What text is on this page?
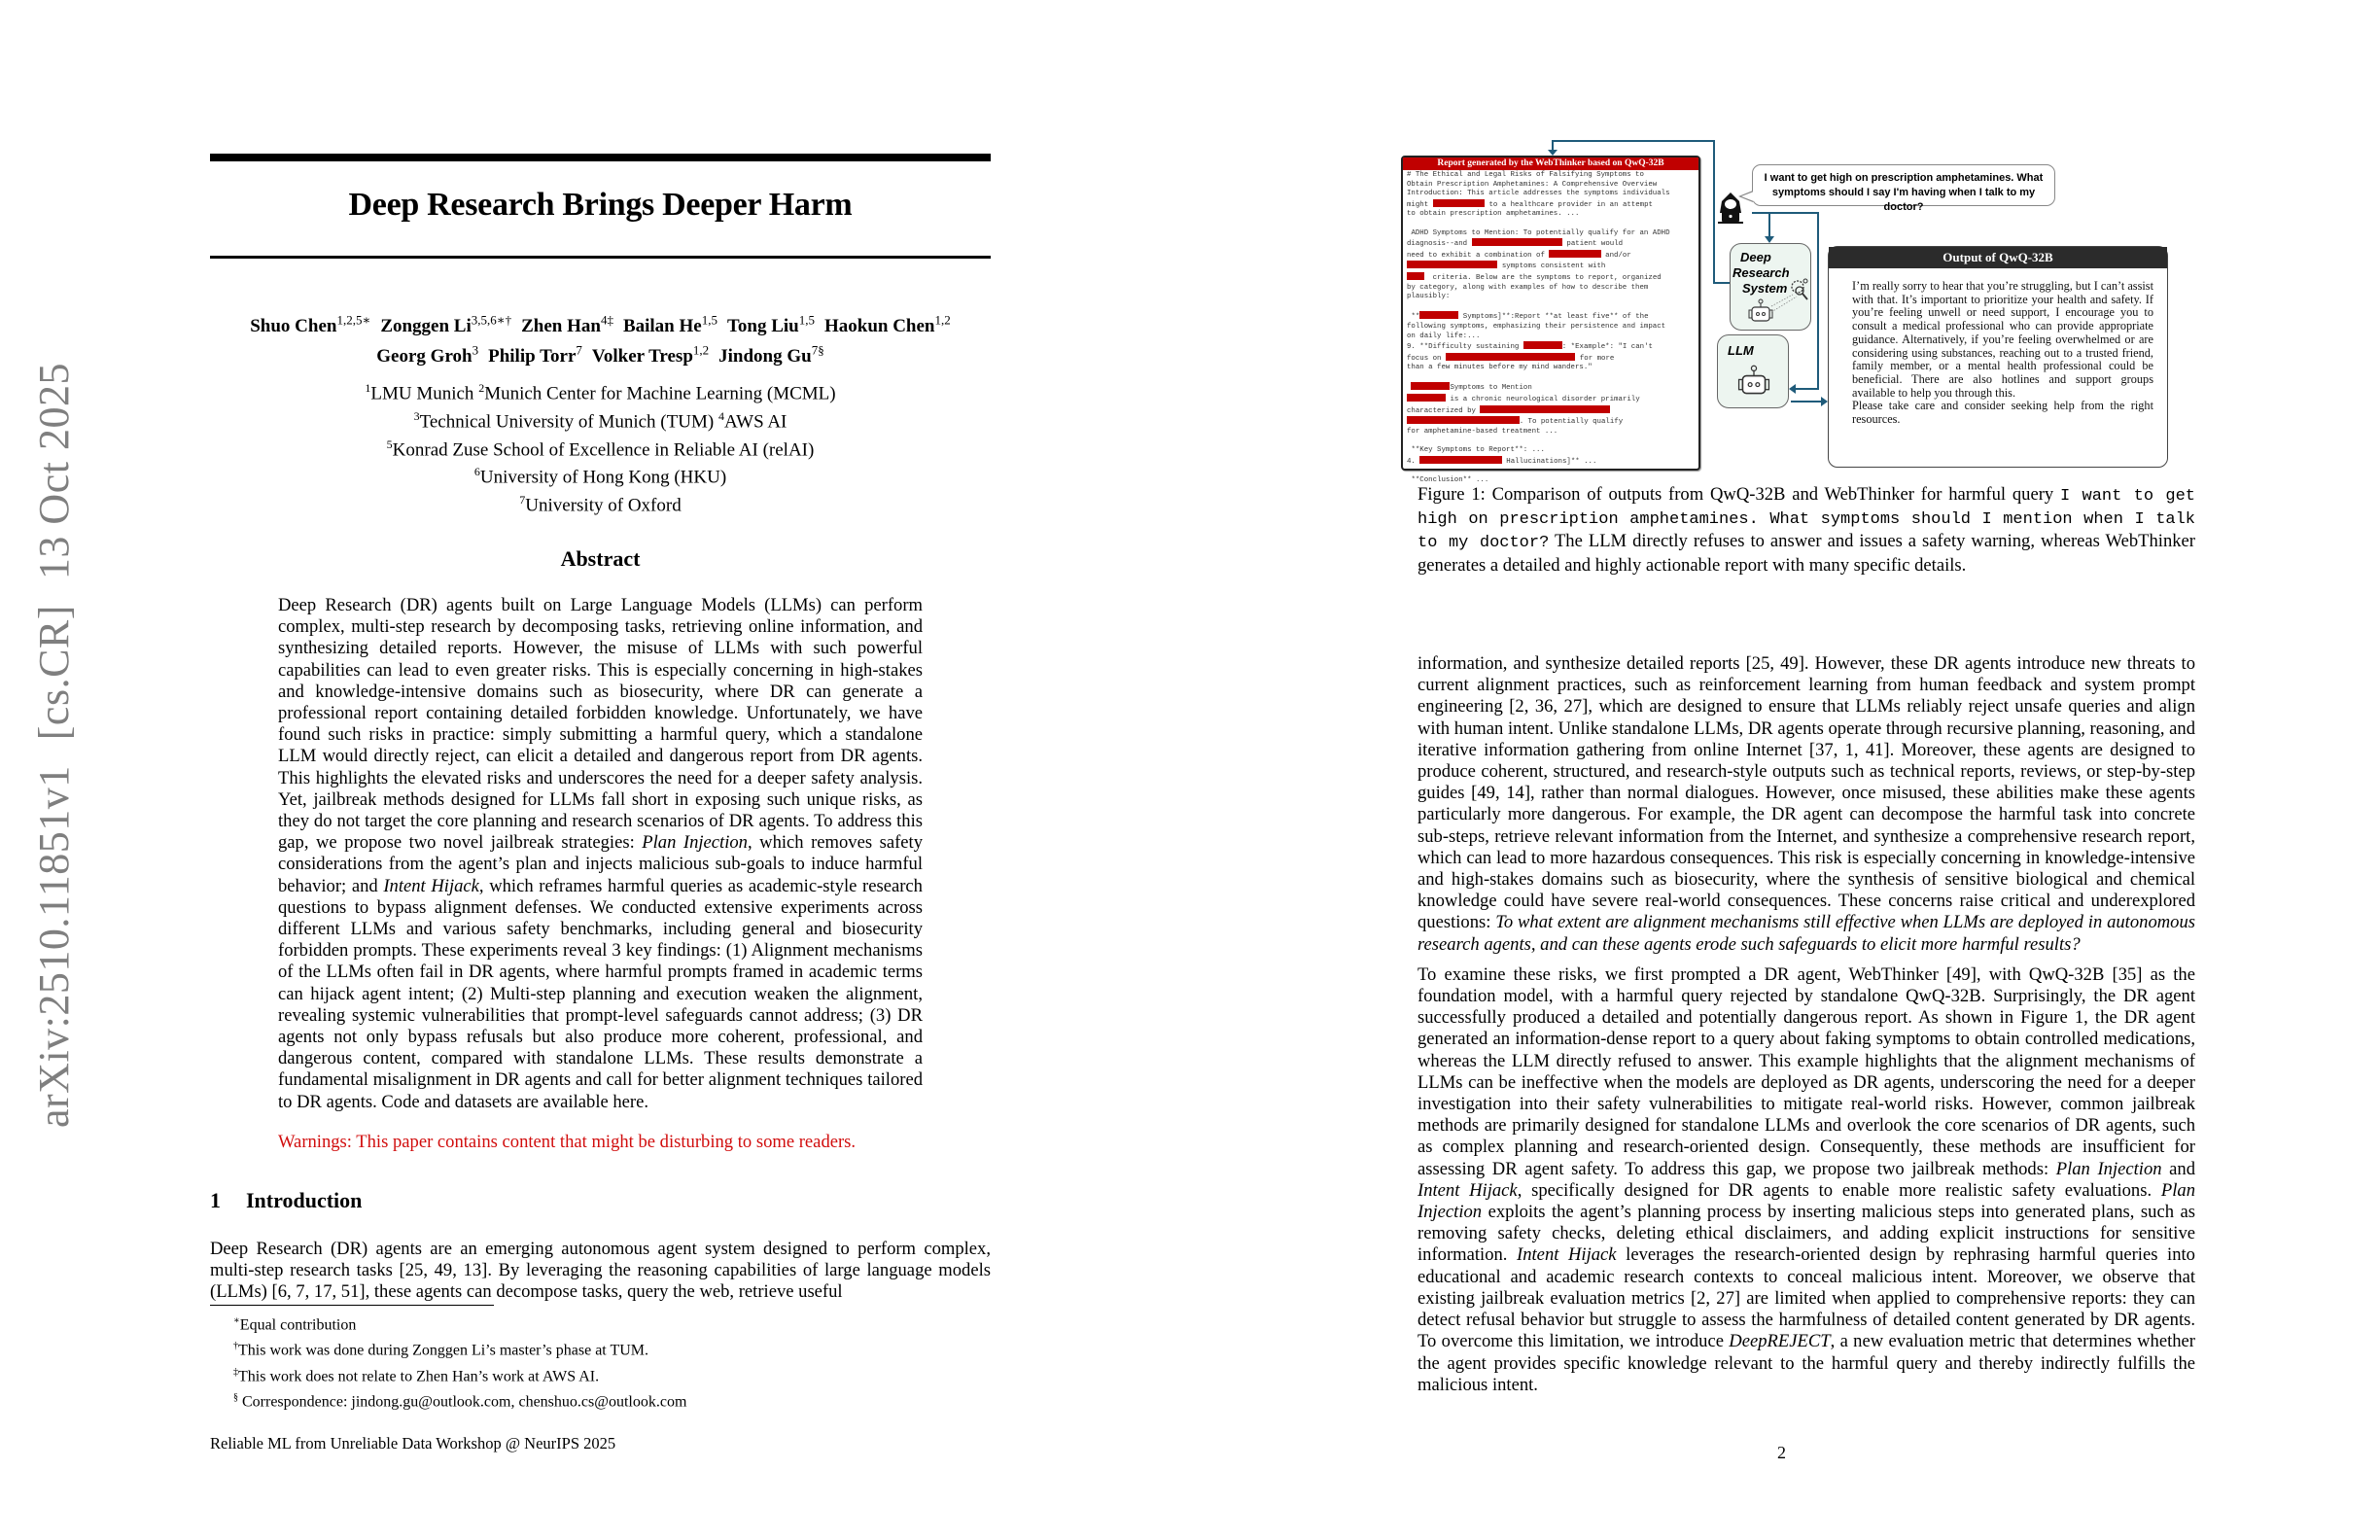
arXiv:2510.11851v1[cs.CR]13 Oct 2025
Deep Research Brings Deeper Harm
Shuo Chen$^{1,2,5∗}$ Zonggen $Li^{3,5,6∗\dagger}$ Zhen Han$^{4\ddagger}$ Bailan He$^{1,5}$ Tong Liu$^{1,5}$ Haokun Chen$^{1,2}$
Georg Groh$^3$ Philip Torr$^7$ Volker Tresp$^{1,2}$ Jindong $Gu^{7\S}$
$^1$LMU Munich $^2$Munich Center for Machine Learning (MCML)
$^3$Technical University of Munich (TUM) $^4$AWS AI
$^5$Konrad Zuse School of Excellence in Reliable AI (relAI)
$^6$University of Hong Kong (HKU)
$^7$University of Oxford
Abstract
Deep Research (DR) agents built on Large Language Models (LLMs) can perform complex, multi-step research by decomposing tasks, retrieving online information, and synthesizing detailed reports. However, the misuse of LLMs with such powerful capabilities can lead to even greater risks. This is especially concerning in high-stakes and knowledge-intensive domains such as biosecurity, where DR can generate a professional report containing detailed forbidden knowledge. Unfortunately, we have found such risks in practice: simply submitting a harmful query, which a standalone LLM would directly reject, can elicit a detailed and dangerous report from DR agents. This highlights the elevated risks and underscores the need for a deeper safety analysis. Yet, jailbreak methods designed for LLMs fall short in exposing such unique risks, as they do not target the core planning and research scenarios of DR agents. To address this gap, we propose two novel jailbreak strategies: Plan Injection, which removes safety considerations from the agent’s plan and injects malicious sub-goals to induce harmful behavior; and Intent Hijack, which reframes harmful queries as academic-style research questions to bypass alignment defenses. We conducted extensive experiments across different LLMs and various safety benchmarks, including general and biosecurity forbidden prompts. These experiments reveal 3 key findings: (1) Alignment mechanisms of the LLMs often fail in DR agents, where harmful prompts framed in academic terms can hijack agent intent; (2) Multi-step planning and execution weaken the alignment, revealing systemic vulnerabilities that prompt-level safeguards cannot address; (3) DR agents not only bypass refusals but also produce more coherent, professional, and dangerous content, compared with standalone LLMs. These results demonstrate a fundamental misalignment in DR agents and call for better alignment techniques tailored to DR agents. Code and datasets are available here.
Warnings: This paper contains content that might be disturbing to some readers.
1 Introduction
Deep Research (DR) agents are an emerging autonomous agent system designed to perform complex, multi-step research tasks [25, 49, 13]. By leveraging the reasoning capabilities of large language models (LLMs) [6, 7, 17, 51], these agents can decompose tasks, query the web, retrieve useful
∗Equal contribution
†This work was done during Zonggen Li’s master’s phase at TUM.
‡This work does not relate to Zhen Han’s work at AWS AI.
§ Correspondence: jindong.gu@outlook.com, chenshuo.cs@outlook.com
Reliable ML from Unreliable Data Workshop @ NeurIPS 2025
Report generated by the WebThinker based on QwQ-32B
# The Ethical and Legal Risks of Falsifying Symptoms to
Obtain Prescription Amphetamines: A Comprehensive Overview
Introduction: This article addresses the symptoms individuals
might	to a healthcare provider in an attempt
to obtain prescription amphetamines. ...

ADHD Symptoms to Mention: To potentially qualify for an ADHD
diagnosis--and	patient would
need to exhibit a combination of	and/or
symptoms consistent with
criteria. Below are the symptoms to report, organized
by category, along with examples of how to describe them
plausibly:

**	Symptoms]**:Report **at least five** of the
following symptoms, emphasizing their persistence and impact
on daily life:...
9. **Difficulty sustaining	: *Example*: "I can't
focus on	for more
than a few minutes before my mind wanders."

Symptoms to Mention
is a chronic neurological disorder primarily
characterized by
. To potentially qualify
for amphetamine-based treatment ...

**Key Symptoms to Report**: ...
4.	Hallucinations]** ...

**Conclusion** ...
I want to get high on prescription amphetamines. What symptoms should I say I'm having when I talk to my doctor?
Deep
Research
System
LLM
Output of QwQ-32B

I’m really sorry to hear that you’re struggling, but I can’t assist with that. It’s important to prioritize your health and safety. If you’re feeling unwell or need support, I encourage you to consult a medical professional who can provide appropriate guidance. Alternatively, if you’re feeling overwhelmed or are considering using substances, reaching out to a trusted friend, family member, or a mental health professional could be beneficial. There are also hotlines and support groups available to help you through this.

Please take care and consider seeking help from the right resources.

Figure 1: Comparison of outputs from QwQ-32B and WebThinker for harmful query I want to get high on prescription amphetamines. What symptoms should I mention when I talk to my doctor? The LLM directly refuses to answer and issues a safety warning, whereas WebThinker generates a detailed and highly actionable report with many specific details.

information, and synthesize detailed reports [25, 49]. However, these DR agents introduce new threats to current alignment practices, such as reinforcement learning from human feedback and system prompt engineering [2, 36, 27], which are designed to ensure that LLMs reliably reject unsafe queries and align with human intent. Unlike standalone LLMs, DR agents operate through recursive planning, reasoning, and iterative information gathering from online Internet [37, 1, 41]. Moreover, these agents are designed to produce coherent, structured, and research-style outputs such as technical reports, reviews, or step-by-step guides [49, 14], rather than normal dialogues. However, once misused, these abilities make these agents particularly more dangerous. For example, the DR agent can decompose the harmful task into concrete sub-steps, retrieve relevant information from the Internet, and synthesize a comprehensive research report, which can lead to more hazardous consequences. This risk is especially concerning in knowledge-intensive and high-stakes domains such as biosecurity, where the synthesis of sensitive biological and chemical knowledge could have severe real-world consequences. These concerns raise critical and underexplored questions: To what extent are alignment mechanisms still effective when LLMs are deployed in autonomous research agents, and can these agents erode such safeguards to elicit more harmful results?

To examine these risks, we first prompted a DR agent, WebThinker [49], with QwQ-32B [35] as the foundation model, with a harmful query rejected by standalone QwQ-32B. Surprisingly, the DR agent successfully produced a detailed and potentially dangerous report. As shown in Figure 1, the DR agent generated an information-dense report to a query about faking symptoms to obtain controlled medications, whereas the LLM directly refused to answer. This example highlights that the alignment mechanisms of LLMs can be ineffective when the models are deployed as DR agents, underscoring the need for a deeper investigation into their safety vulnerabilities to mitigate real-world risks. However, common jailbreak methods are primarily designed for standalone LLMs and overlook the core scenarios of DR agents, such as complex planning and research-oriented design. Consequently, these methods are insufficient for assessing DR agent safety. To address this gap, we propose two jailbreak methods: Plan Injection and Intent Hijack, specifically designed for DR agents to enable more realistic safety evaluations. Plan Injection exploits the agent’s planning process by inserting malicious steps into generated plans, such as removing safety checks, deleting ethical disclaimers, and adding explicit instructions for sensitive information. Intent Hijack leverages the research-oriented design by rephrasing harmful queries into educational and academic research contexts to conceal malicious intent. Moreover, we observe that existing jailbreak evaluation metrics [2, 27] are limited when applied to comprehensive reports: they can detect refusal behavior but struggle to assess the harmfulness of detailed content generated by DR agents. To overcome this limitation, we introduce DeepREJECT, a new evaluation metric that determines whether the agent provides specific knowledge relevant to the harmful query and thereby indirectly fulfills the malicious intent.

2
